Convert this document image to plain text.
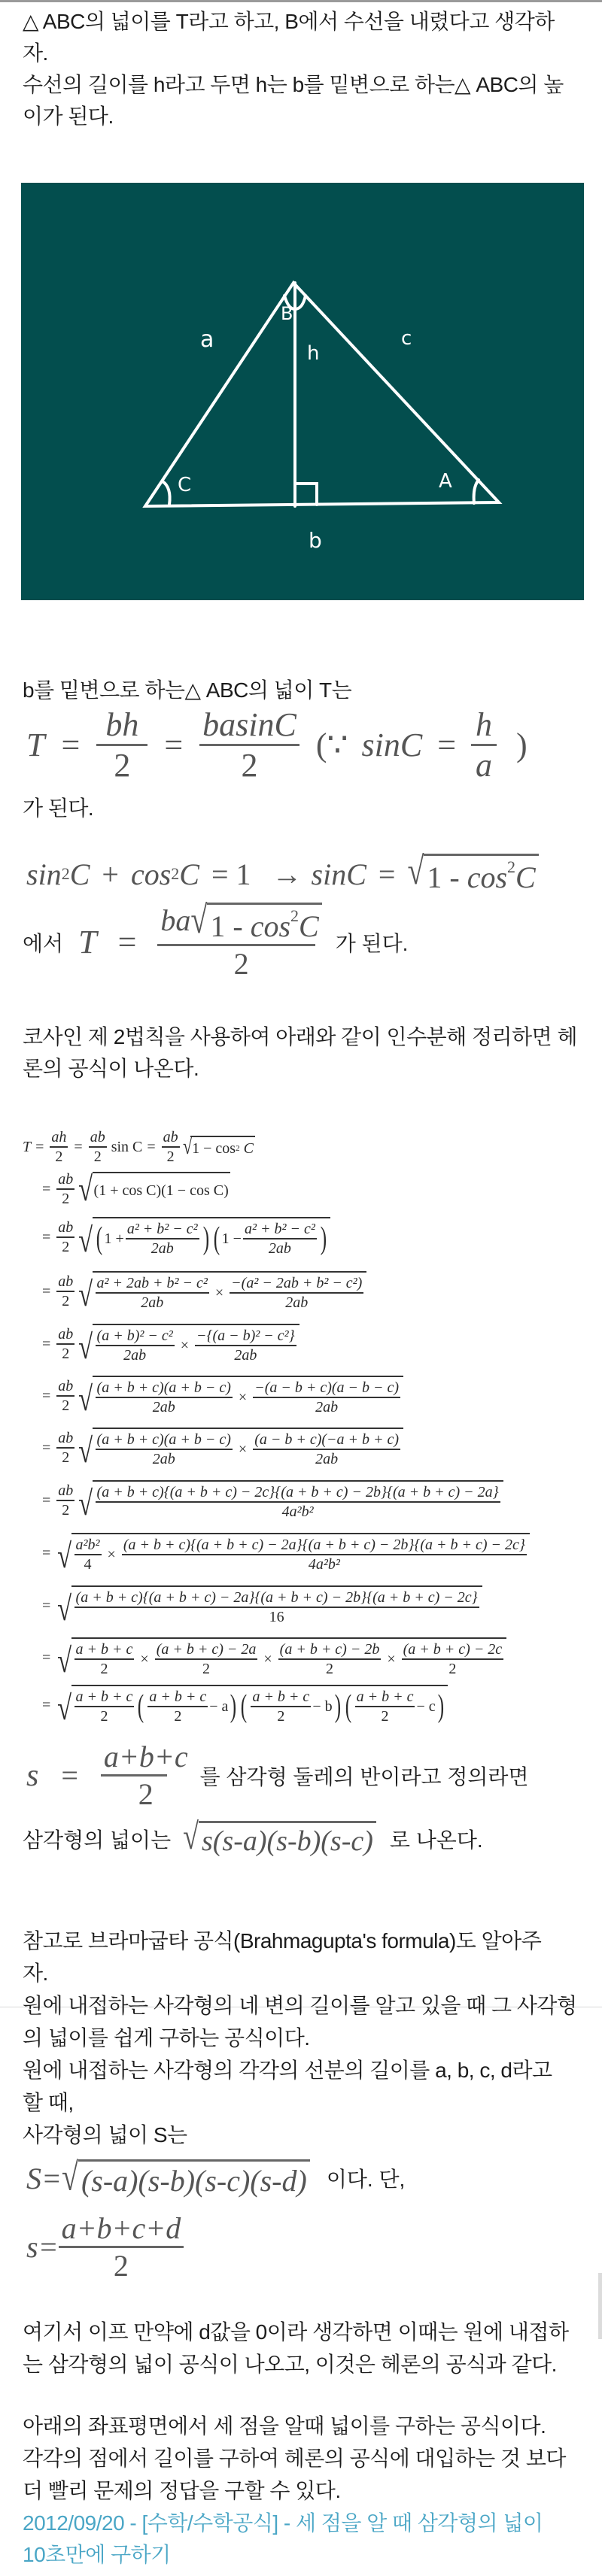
△ ABC의 넓이를 T라고 하고, B에서 수선을 내렸다고 생각하
자.
수선의 길이를 h라고 두면 h는 b를 밑변으로 하는△ ABC의 높
이가 된다.
a	c
h
B
C	A
b
b를 밑변으로 하는△ ABC의 넓이 T는
$T = \frac{bh}{2} = \frac{basinC}{2}$ (∵ $\sin C = \frac{h}{a}$ )
가 된다.
sin 2 C + cos 2 C = 1 → sinC = √ $1 - \cos^2C$
에서 $T = \frac{ba √ 1 - \cos^2C}{2}$ 가 된다.
코사인 제 2법칙을 사용하여 아래와 같이 인수분해 정리하면 헤
론의 공식이 나온다.
T =
ah
2
=
ab
2
sin C =
ab
2 √ 1 − cos 2
C
=
ab
2 √ (1 + cos C)(1 − cos C)
=
ab
2 √ ( 1 +
a² + b² − c²
2ab ) ( 1 −
a² + b² − c²
2ab )
=
ab
2 √ a² + 2ab + b² − c²
2ab
×
−(a² − 2ab + b² − c²)
2ab
=
ab
2 √ (a + b)² − c²
2ab
×
−{(a − b)² − c²}
2ab
=
ab
2 √ (a + b + c)(a + b − c)
2ab
×
−(a − b + c)(a − b − c)
2ab
=
ab
2 √ (a + b + c)(a + b − c)
2ab
×
(a − b + c)(−a + b + c)
2ab
=
ab
2 √ (a + b + c){(a + b + c) − 2c}{(a + b + c) − 2b}{(a + b + c) − 2a}
4a²b²
= √ a²b²
4
×
(a + b + c){(a + b + c) − 2a}{(a + b + c) − 2b}{(a + b + c) − 2c}
4a²b²
= √ (a + b + c){(a + b + c) − 2a}{(a + b + c) − 2b}{(a + b + c) − 2c}
16
= √ a + b + c
2
×
(a + b + c) − 2a
2
×
(a + b + c) − 2b
2
×
(a + b + c) − 2c
2
= √ a + b + c
2 ( a + b + c
2
− a ) ( a + b + c
2
− b ) ( a + b + c
2
− c )
$s = \frac{a+b+c}{2}$ 를 삼각형 둘레의 반이라고 정의라면
삼각형의 넓이는 √ s(s-a)(s-b)(s-c) 로 나온다.
참고로 브라마굽타 공식(Brahmagupta's formula)도 알아주
자.
원에 내접하는 사각형의 네 변의 길이를 알고 있을 때 그 사각형
의 넓이를 쉽게 구하는 공식이다.
원에 내접하는 사각형의 각각의 선분의 길이를 a, b, c, d라고
할 때,
사각형의 넓이 S는
S= √ (s-a)(s-b)(s-c)(s-d) 이다. 단,
$s= \frac{a+b+c+d}{2}$
여기서 이프 만약에 d값을 0이라 생각하면 이때는 원에 내접하
는 삼각형의 넓이 공식이 나오고, 이것은 헤론의 공식과 같다.
아래의 좌표평면에서 세 점을 알때 넓이를 구하는 공식이다.
각각의 점에서 길이를 구하여 헤론의 공식에 대입하는 것 보다
더 빨리 문제의 정답을 구할 수 있다.
2012/09/20 - [수학/수학공식] - 세 점을 알 때 삼각형의 넓이
10초만에 구하기
